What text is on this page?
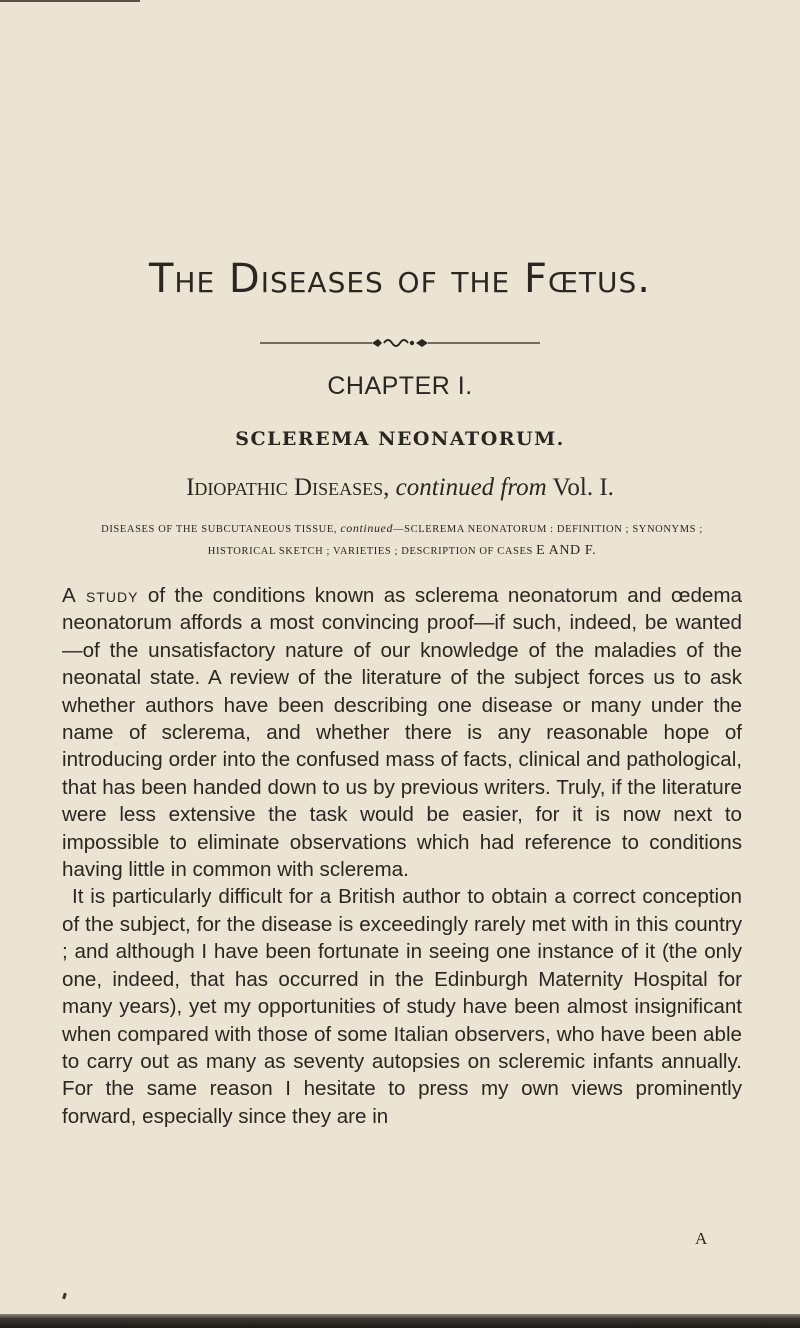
The Diseases of the Fœtus.
CHAPTER I.
SCLEREMA NEONATORUM.
Idiopathic Diseases, continued from Vol. I.
DISEASES OF THE SUBCUTANEOUS TISSUE, continued—SCLEREMA NEONATORUM : DEFINITION ; SYNONYMS ; HISTORICAL SKETCH ; VARIETIES ; DESCRIPTION OF CASES E AND F.

A study of the conditions known as sclerema neonatorum and œdema neonatorum affords a most convincing proof—if such, indeed, be wanted—of the unsatisfactory nature of our knowledge of the maladies of the neonatal state. A review of the literature of the subject forces us to ask whether authors have been describing one disease or many under the name of sclerema, and whether there is any reasonable hope of introducing order into the confused mass of facts, clinical and pathological, that has been handed down to us by previous writers. Truly, if the literature were less extensive the task would be easier, for it is now next to impossible to eliminate observations which had reference to conditions having little in common with sclerema.

It is particularly difficult for a British author to obtain a correct conception of the subject, for the disease is exceedingly rarely met with in this country ; and although I have been fortunate in seeing one instance of it (the only one, indeed, that has occurred in the Edinburgh Maternity Hospital for many years), yet my opportunities of study have been almost insignificant when compared with those of some Italian observers, who have been able to carry out as many as seventy autopsies on scleremic infants annually. For the same reason I hesitate to press my own views prominently forward, especially since they are in

A
